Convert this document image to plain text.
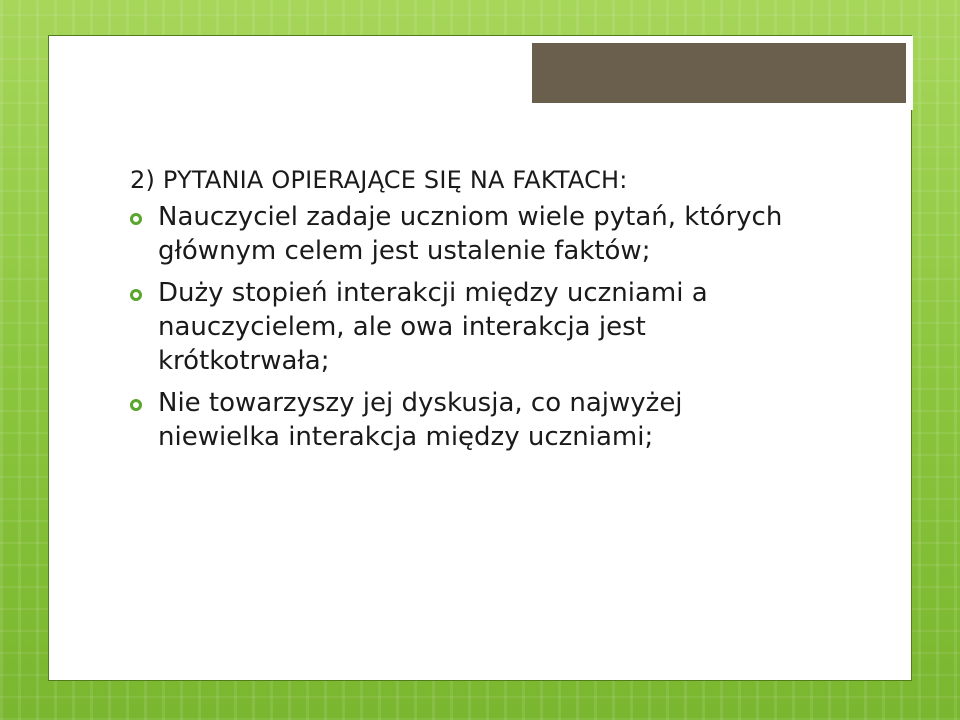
2) PYTANIA OPIERAJĄCE SIĘ NA FAKTACH:
Nauczyciel zadaje uczniom wiele pytań, których głównym celem jest ustalenie faktów;
Duży stopień interakcji między uczniami a nauczycielem, ale owa interakcja jest krótkotrwała;
Nie towarzyszy jej dyskusja, co najwyżej niewielka interakcja między uczniami;
